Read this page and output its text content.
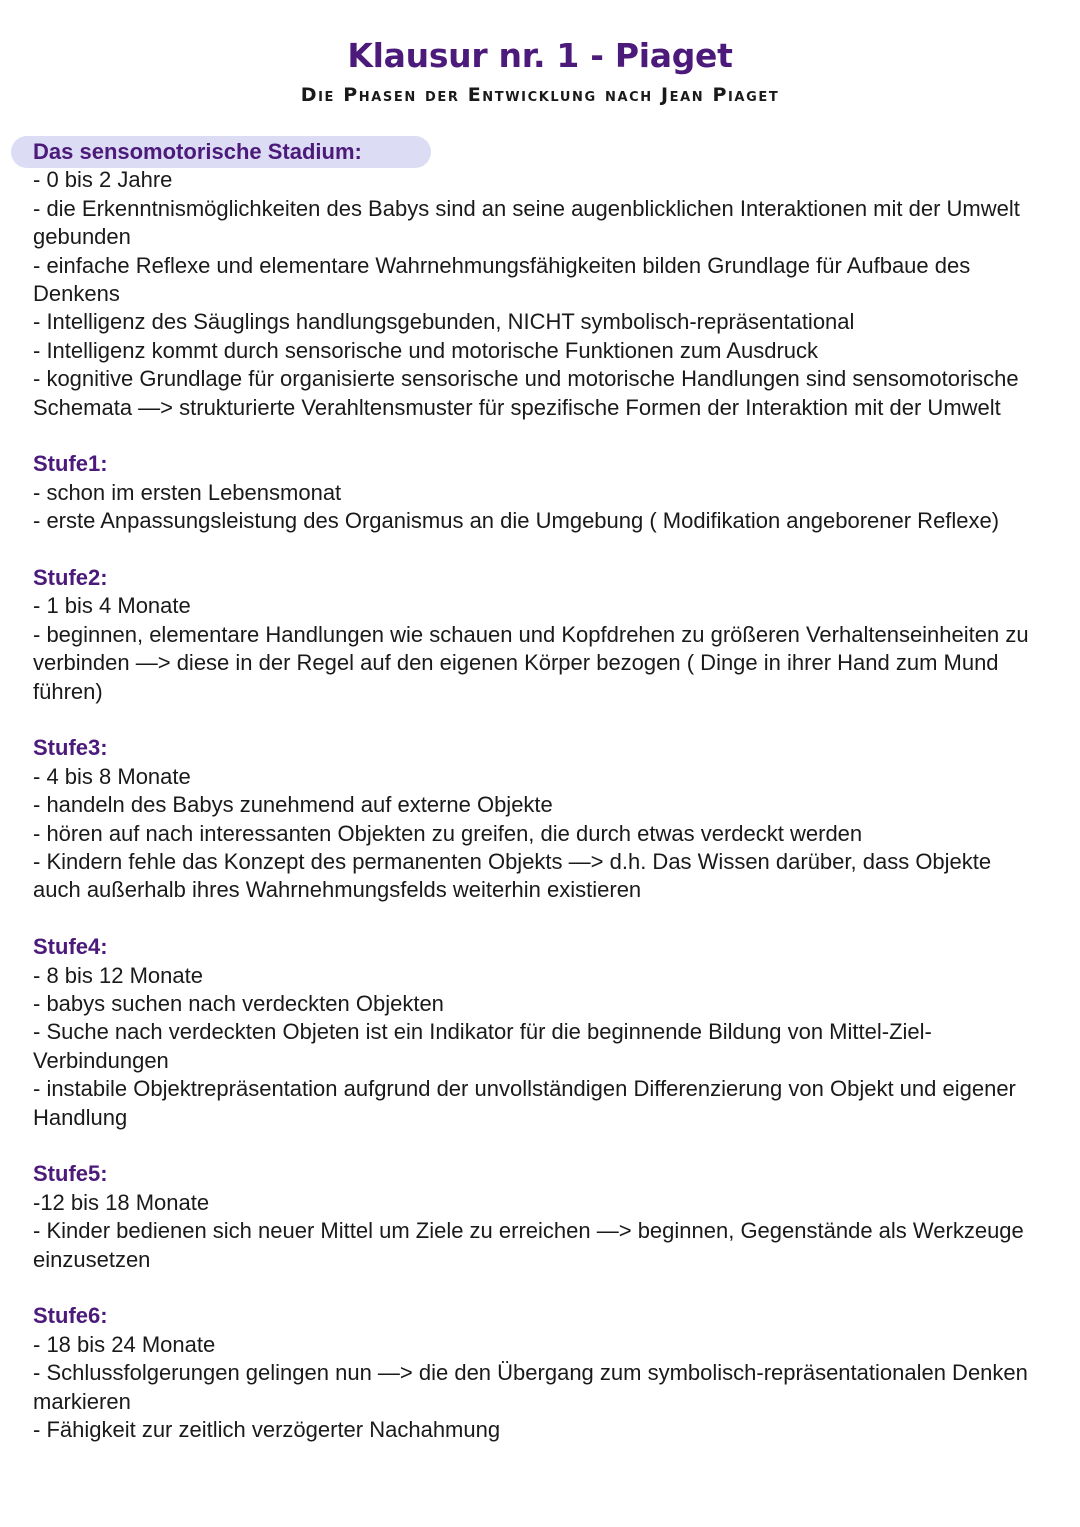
Klausur nr. 1 - Piaget
Die Phasen der Entwicklung nach Jean Piaget

Das sensomotorische Stadium:

- 0 bis 2 Jahre

- die Erkenntnismöglichkeiten des Babys sind an seine augenblicklichen Interaktionen mit der Umwelt gebunden

- einfache Reflexe und elementare Wahrnehmungsfähigkeiten bilden Grundlage für Aufbaue des Denkens

- Intelligenz des Säuglings handlungsgebunden, NICHT symbolisch-repräsentational

- Intelligenz kommt durch sensorische und motorische Funktionen zum Ausdruck

- kognitive Grundlage für organisierte sensorische und motorische Handlungen sind sensomotorische Schemata —> strukturierte Verahltensmuster für spezifische Formen der Interaktion mit der Umwelt

Stufe1:

- schon im ersten Lebensmonat

- erste Anpassungsleistung des Organismus an die Umgebung ( Modifikation angeborener Reflexe)

Stufe2:

- 1 bis 4 Monate

- beginnen, elementare Handlungen wie schauen und Kopfdrehen zu größeren Verhaltenseinheiten zu verbinden —> diese in der Regel auf den eigenen Körper bezogen ( Dinge in ihrer Hand zum Mund führen)

Stufe3:

- 4 bis 8 Monate

- handeln des Babys zunehmend auf externe Objekte

- hören auf nach interessanten Objekten zu greifen, die durch etwas verdeckt werden

- Kindern fehle das Konzept des permanenten Objekts —> d.h. Das Wissen darüber, dass Objekte auch außerhalb ihres Wahrnehmungsfelds weiterhin existieren

Stufe4:

- 8 bis 12 Monate

- babys suchen nach verdeckten Objekten

- Suche nach verdeckten Objeten ist ein Indikator für die beginnende Bildung von Mittel-Ziel-Verbindungen

- instabile Objektrepräsentation aufgrund der unvollständigen Differenzierung von Objekt und eigener Handlung

Stufe5:

-12 bis 18 Monate

- Kinder bedienen sich neuer Mittel um Ziele zu erreichen —> beginnen, Gegenstände als Werkzeuge einzusetzen

Stufe6:

- 18 bis 24 Monate

- Schlussfolgerungen gelingen nun —> die den Übergang zum symbolisch-repräsentationalen Denken markieren

- Fähigkeit zur zeitlich verzögerter Nachahmung
